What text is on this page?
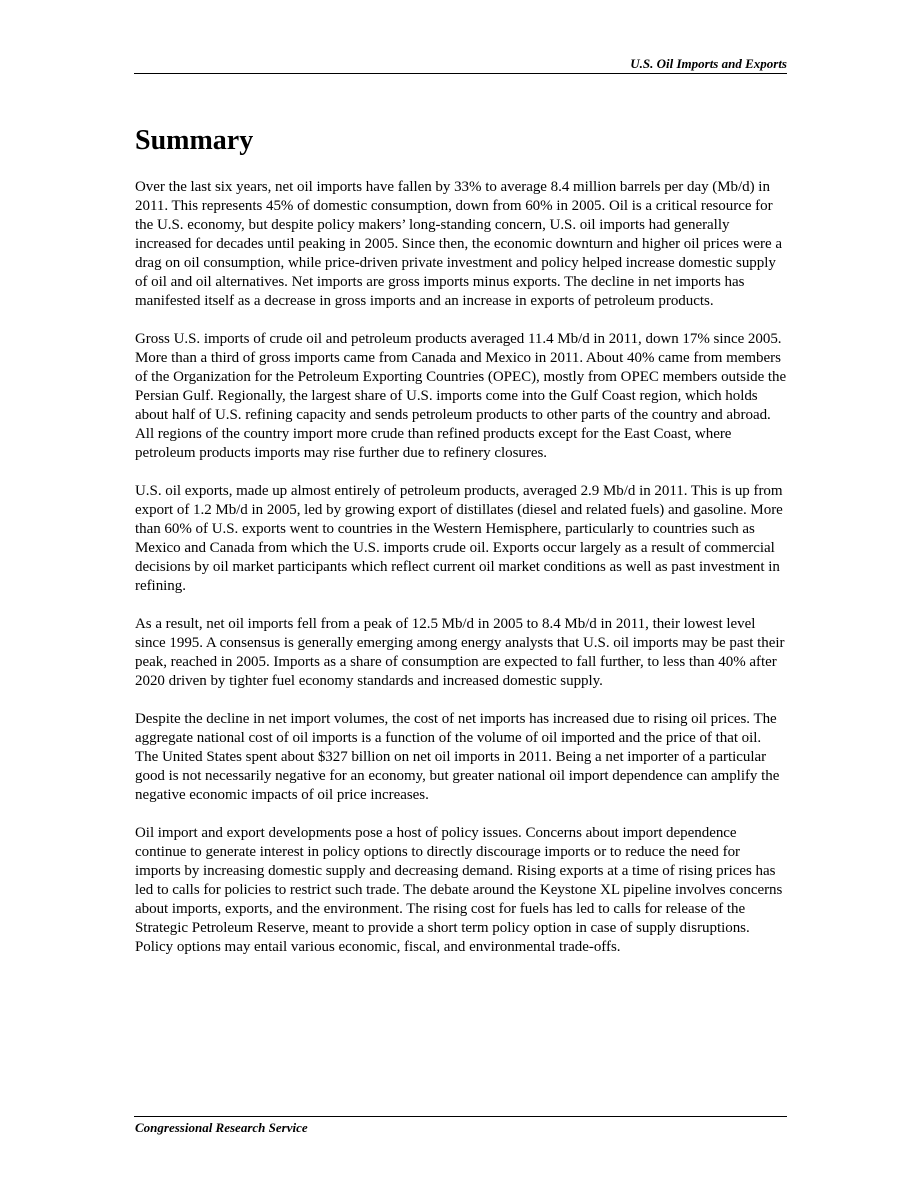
U.S. Oil Imports and Exports
Summary

Over the last six years, net oil imports have fallen by 33% to average 8.4 million barrels per day (Mb/d) in 2011. This represents 45% of domestic consumption, down from 60% in 2005. Oil is a critical resource for the U.S. economy, but despite policy makers’ long-standing concern, U.S. oil imports had generally increased for decades until peaking in 2005. Since then, the economic downturn and higher oil prices were a drag on oil consumption, while price-driven private investment and policy helped increase domestic supply of oil and oil alternatives. Net imports are gross imports minus exports. The decline in net imports has manifested itself as a decrease in gross imports and an increase in exports of petroleum products.

Gross U.S. imports of crude oil and petroleum products averaged 11.4 Mb/d in 2011, down 17% since 2005. More than a third of gross imports came from Canada and Mexico in 2011. About 40% came from members of the Organization for the Petroleum Exporting Countries (OPEC), mostly from OPEC members outside the Persian Gulf. Regionally, the largest share of U.S. imports come into the Gulf Coast region, which holds about half of U.S. refining capacity and sends petroleum products to other parts of the country and abroad. All regions of the country import more crude than refined products except for the East Coast, where petroleum products imports may rise further due to refinery closures.

U.S. oil exports, made up almost entirely of petroleum products, averaged 2.9 Mb/d in 2011. This is up from export of 1.2 Mb/d in 2005, led by growing export of distillates (diesel and related fuels) and gasoline. More than 60% of U.S. exports went to countries in the Western Hemisphere, particularly to countries such as Mexico and Canada from which the U.S. imports crude oil. Exports occur largely as a result of commercial decisions by oil market participants which reflect current oil market conditions as well as past investment in refining.

As a result, net oil imports fell from a peak of 12.5 Mb/d in 2005 to 8.4 Mb/d in 2011, their lowest level since 1995. A consensus is generally emerging among energy analysts that U.S. oil imports may be past their peak, reached in 2005. Imports as a share of consumption are expected to fall further, to less than 40% after 2020 driven by tighter fuel economy standards and increased domestic supply.

Despite the decline in net import volumes, the cost of net imports has increased due to rising oil prices. The aggregate national cost of oil imports is a function of the volume of oil imported and the price of that oil. The United States spent about $327 billion on net oil imports in 2011. Being a net importer of a particular good is not necessarily negative for an economy, but greater national oil import dependence can amplify the negative economic impacts of oil price increases.

Oil import and export developments pose a host of policy issues. Concerns about import dependence continue to generate interest in policy options to directly discourage imports or to reduce the need for imports by increasing domestic supply and decreasing demand. Rising exports at a time of rising prices has led to calls for policies to restrict such trade. The debate around the Keystone XL pipeline involves concerns about imports, exports, and the environment. The rising cost for fuels has led to calls for release of the Strategic Petroleum Reserve, meant to provide a short term policy option in case of supply disruptions. Policy options may entail various economic, fiscal, and environmental trade-offs.

Congressional Research Service
